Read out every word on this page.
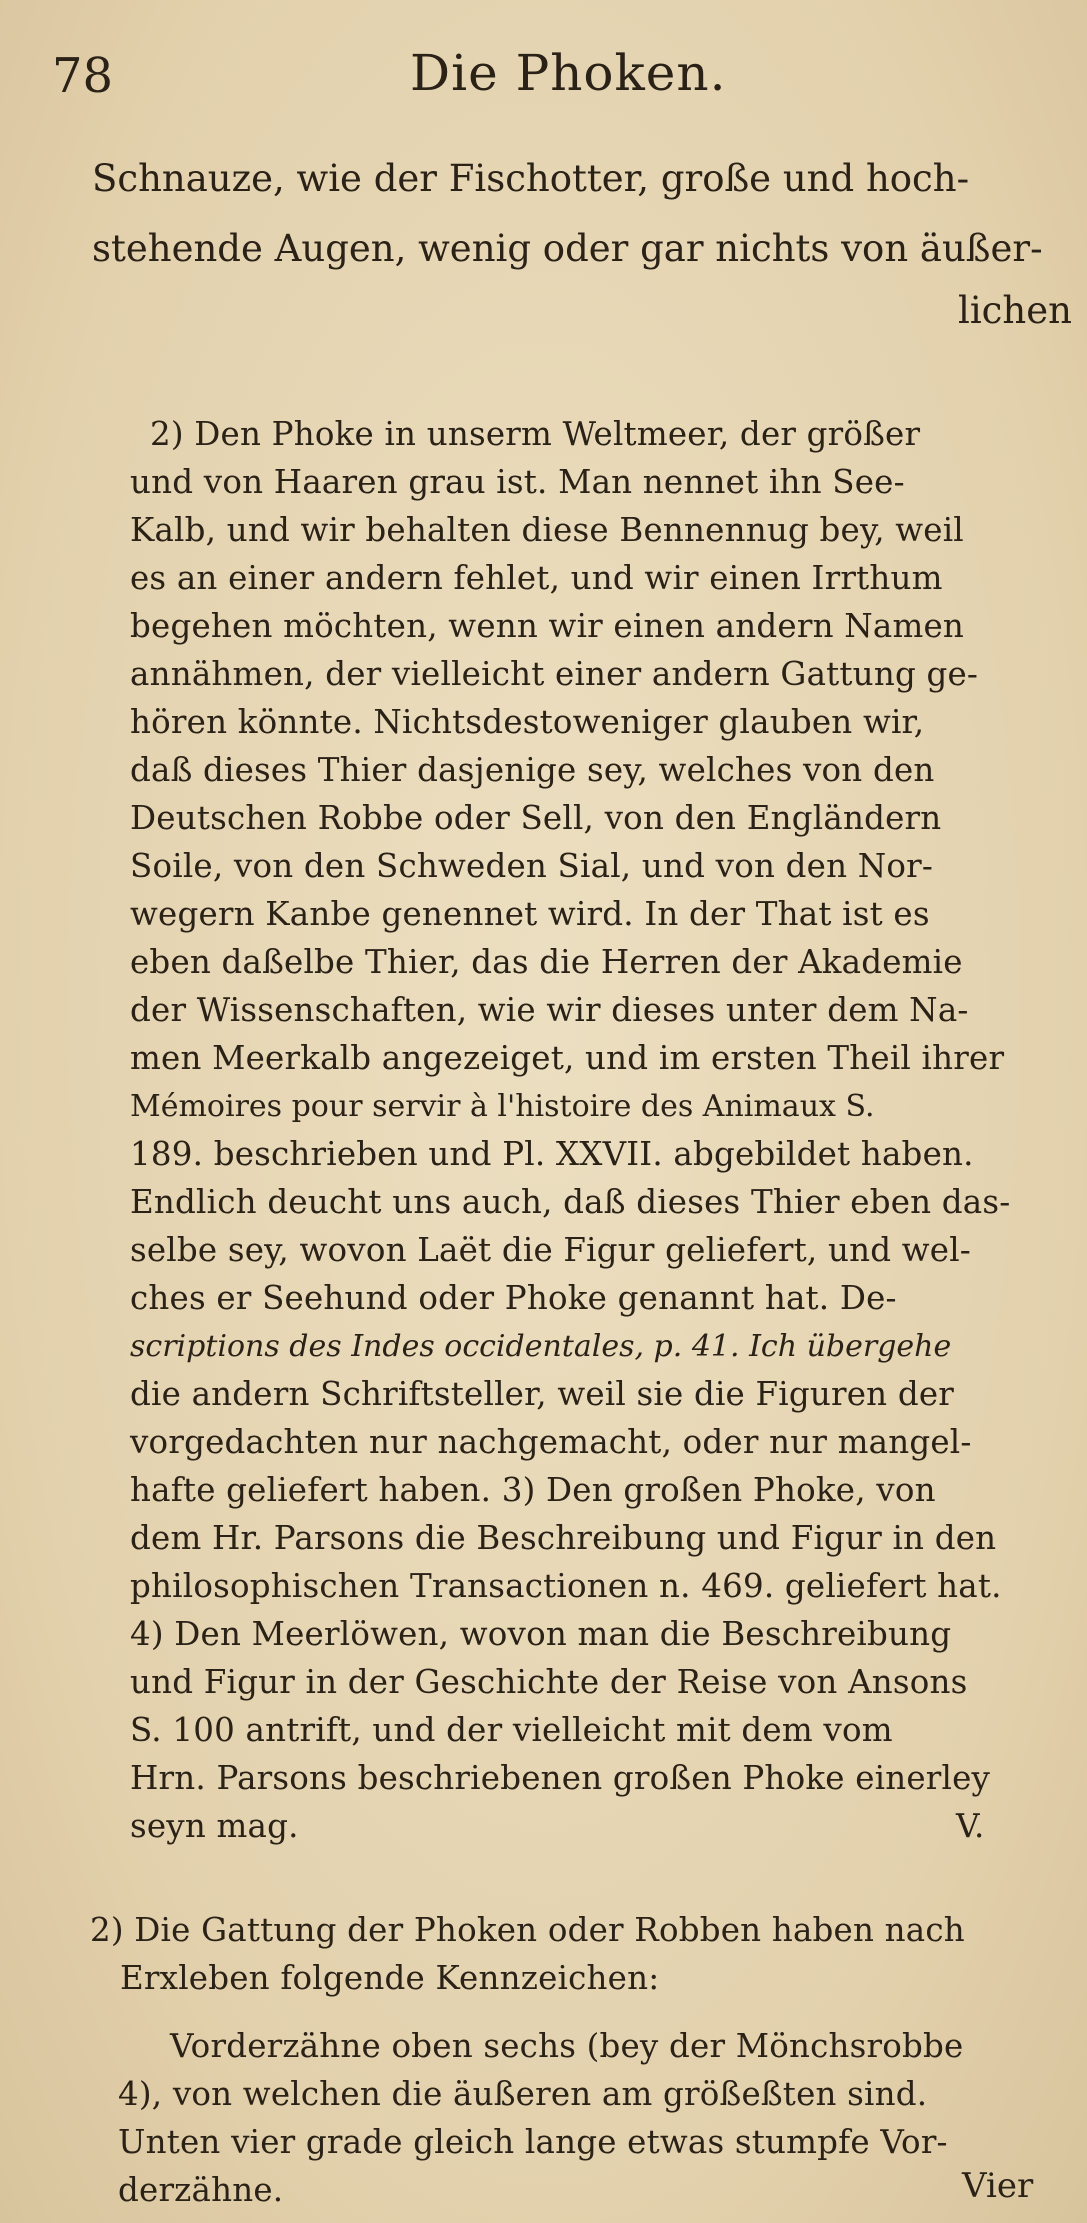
78	Die Phoken.
Schnauze, wie der Fischotter, große und hoch-
stehende Augen, wenig oder gar nichts von äußer-
lichen
2) Den Phoke in unserm Weltmeer, der größer
und von Haaren grau ist. Man nennet ihn See-
Kalb, und wir behalten diese Bennennug bey, weil
es an einer andern fehlet, und wir einen Irrthum
begehen möchten, wenn wir einen andern Namen
annähmen, der vielleicht einer andern Gattung ge-
hören könnte. Nichtsdestoweniger glauben wir,
daß dieses Thier dasjenige sey, welches von den
Deutschen Robbe oder Sell, von den Engländern
Soile, von den Schweden Sial, und von den Nor-
wegern Kanbe genennet wird. In der That ist es
eben daßelbe Thier, das die Herren der Akademie
der Wissenschaften, wie wir dieses unter dem Na-
men Meerkalb angezeiget, und im ersten Theil ihrer
Mémoires pour servir à l'histoire des Animaux S.
189. beschrieben und Pl. XXVII. abgebildet haben.
Endlich deucht uns auch, daß dieses Thier eben das-
selbe sey, wovon Laët die Figur geliefert, und wel-
ches er Seehund oder Phoke genannt hat. De-
scriptions des Indes occidentales, p. 41. Ich übergehe
die andern Schriftsteller, weil sie die Figuren der
vorgedachten nur nachgemacht, oder nur mangel-
hafte geliefert haben. 3) Den großen Phoke, von
dem Hr. Parsons die Beschreibung und Figur in den
philosophischen Transactionen n. 469. geliefert hat.
4) Den Meerlöwen, wovon man die Beschreibung
und Figur in der Geschichte der Reise von Ansons
S. 100 antrift, und der vielleicht mit dem vom
Hrn. Parsons beschriebenen großen Phoke einerley
seyn mag.	V.
2) Die Gattung der Phoken oder Robben haben nach
Erxleben folgende Kennzeichen:
Vorderzähne oben sechs (bey der Mönchsrobbe
4), von welchen die äußeren am größeßten sind.
Unten vier grade gleich lange etwas stumpfe Vor-
derzähne.	Vier
